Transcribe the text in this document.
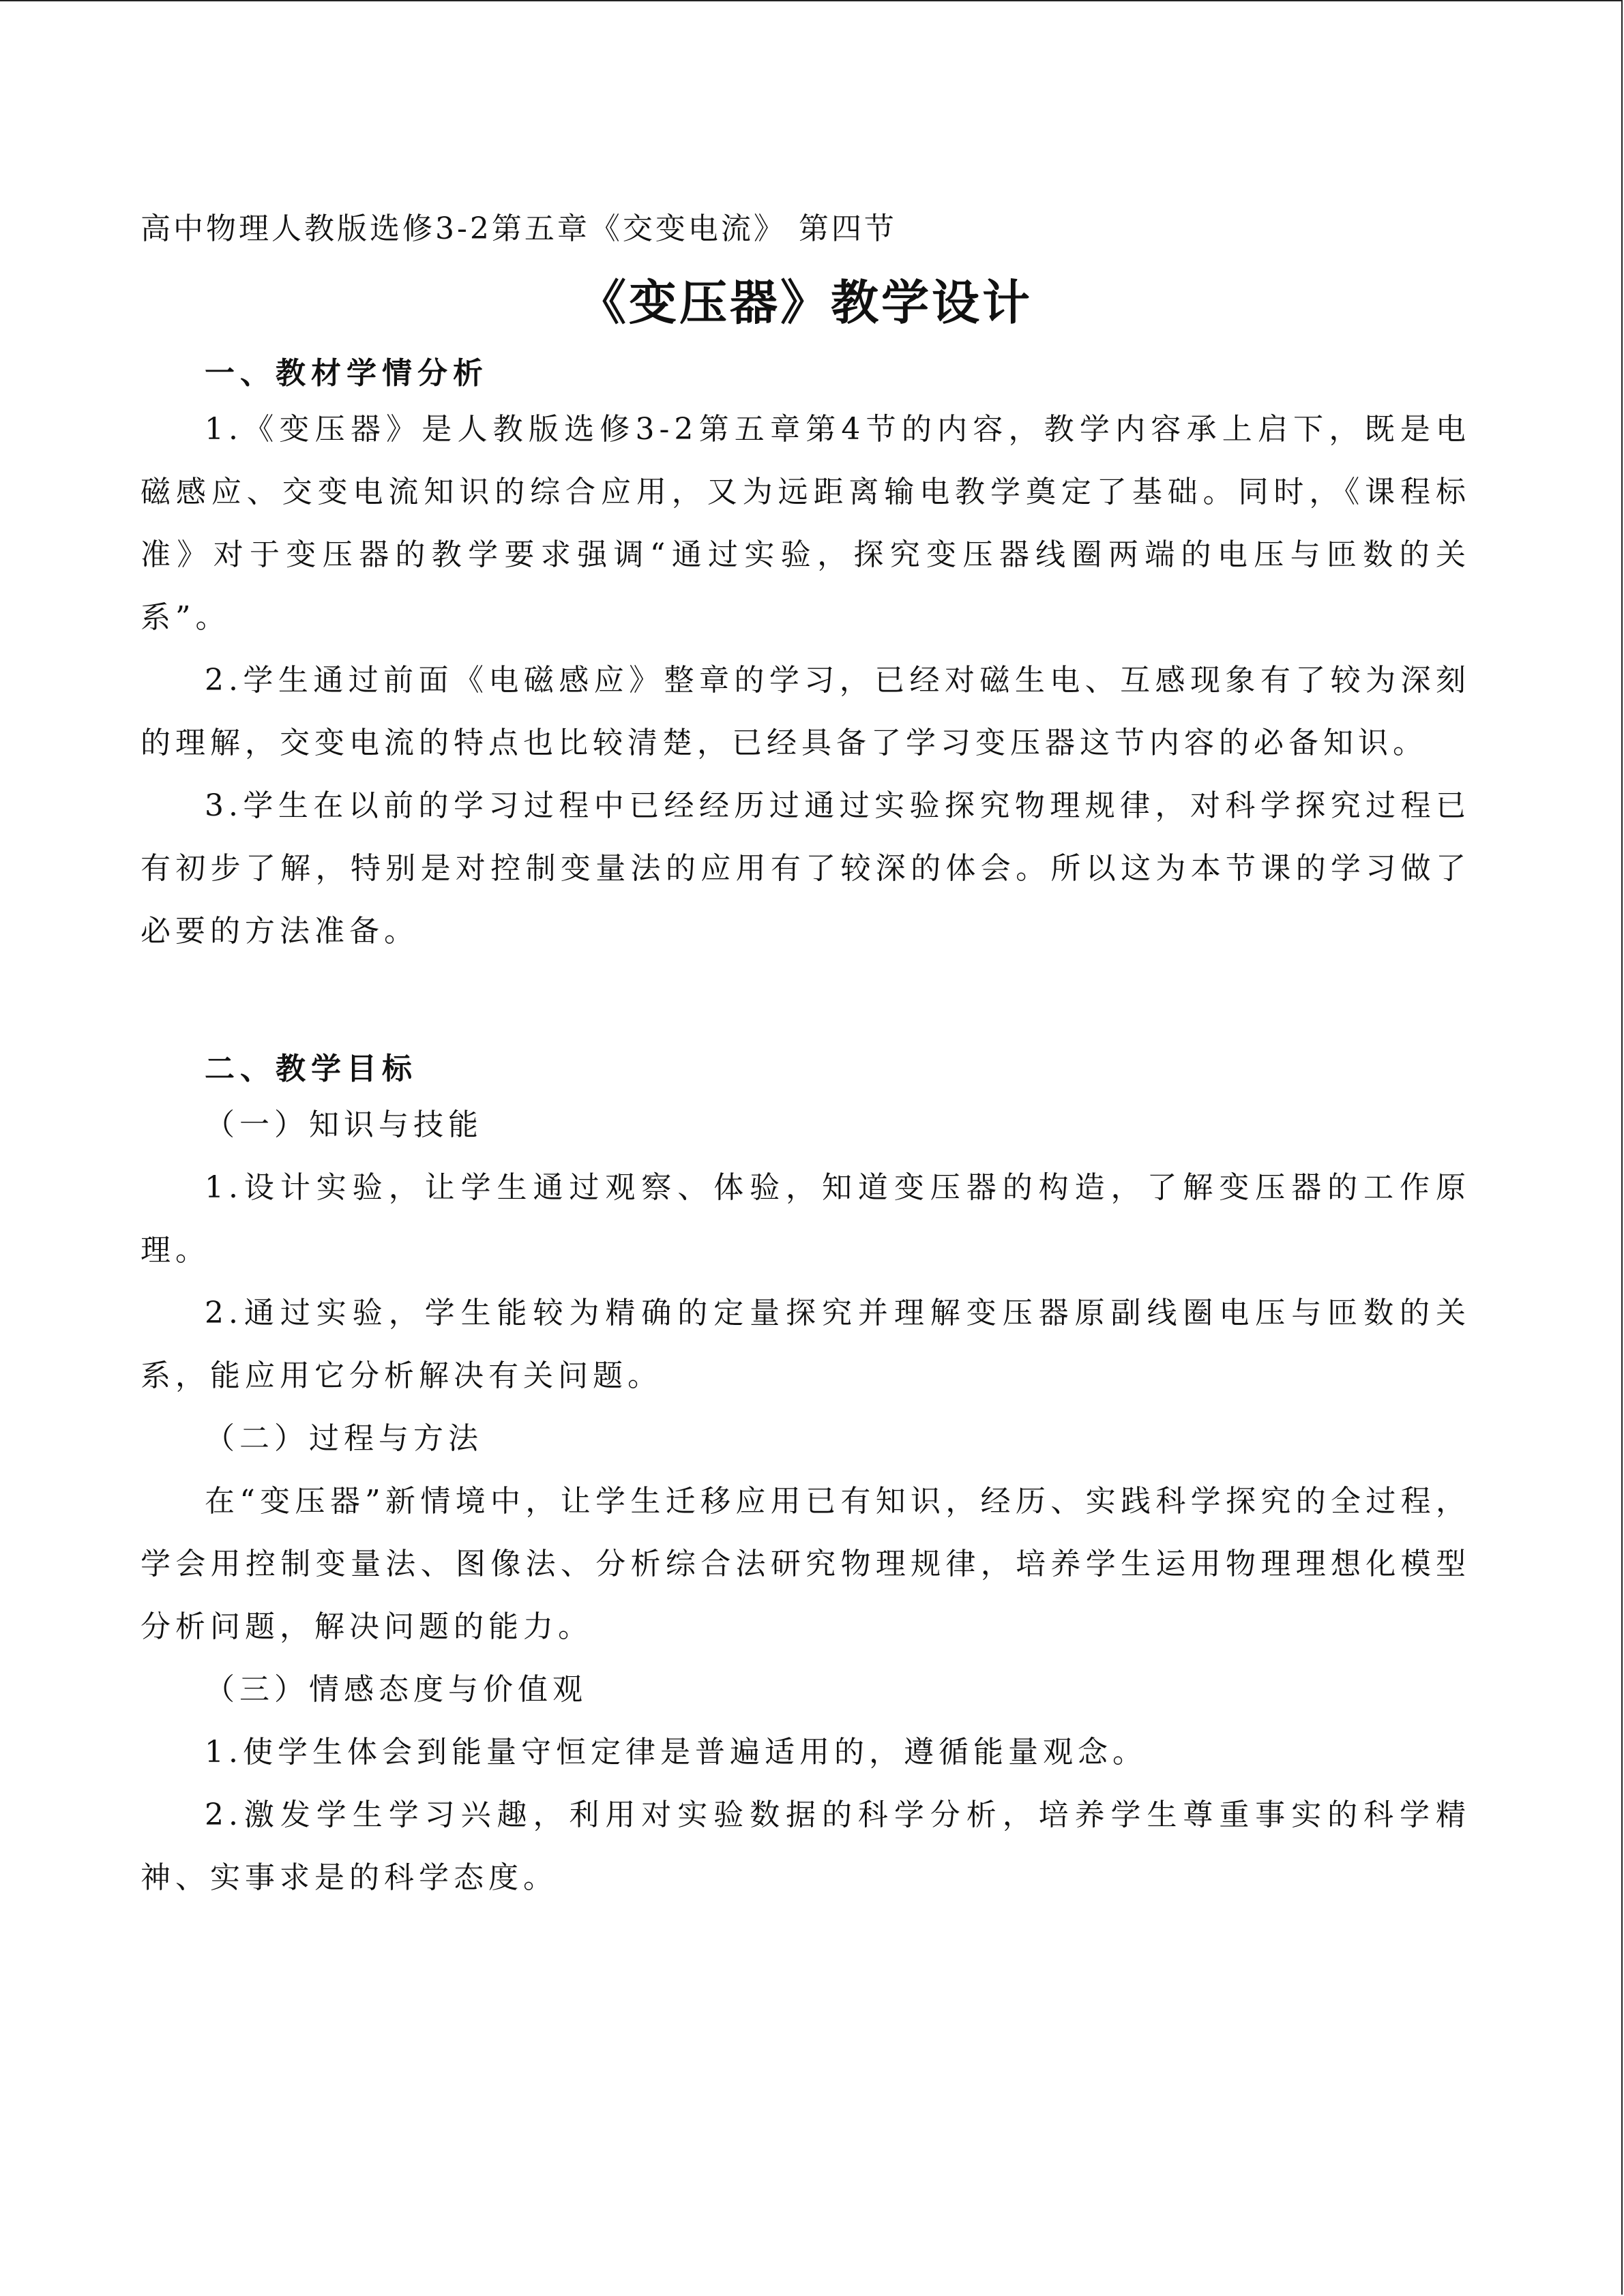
高中物理人教版选修3-2第五章《交变电流》 第四节
《变压器》教学设计
一、教材学情分析

1.《变压器》是人教版选修3-2第五章第4节的内容，教学内容承上启下，既是电磁感应、交变电流知识的综合应用，又为远距离输电教学奠定了基础。同时，《课程标准》对于变压器的教学要求强调“通过实验，探究变压器线圈两端的电压与匝数的关系”。

2.学生通过前面《电磁感应》整章的学习，已经对磁生电、互感现象有了较为深刻的理解，交变电流的特点也比较清楚，已经具备了学习变压器这节内容的必备知识。

3.学生在以前的学习过程中已经经历过通过实验探究物理规律，对科学探究过程已有初步了解，特别是对控制变量法的应用有了较深的体会。所以这为本节课的学习做了必要的方法准备。

二、教学目标
（一）知识与技能

1.设计实验，让学生通过观察、体验，知道变压器的构造，了解变压器的工作原理。

2.通过实验，学生能较为精确的定量探究并理解变压器原副线圈电压与匝数的关系，能应用它分析解决有关问题。

（二）过程与方法

在“变压器”新情境中，让学生迁移应用已有知识，经历、实践科学探究的全过程，学会用控制变量法、图像法、分析综合法研究物理规律，培养学生运用物理理想化模型分析问题，解决问题的能力。

（三）情感态度与价值观

1.使学生体会到能量守恒定律是普遍适用的，遵循能量观念。

2.激发学生学习兴趣，利用对实验数据的科学分析，培养学生尊重事实的科学精神、实事求是的科学态度。
